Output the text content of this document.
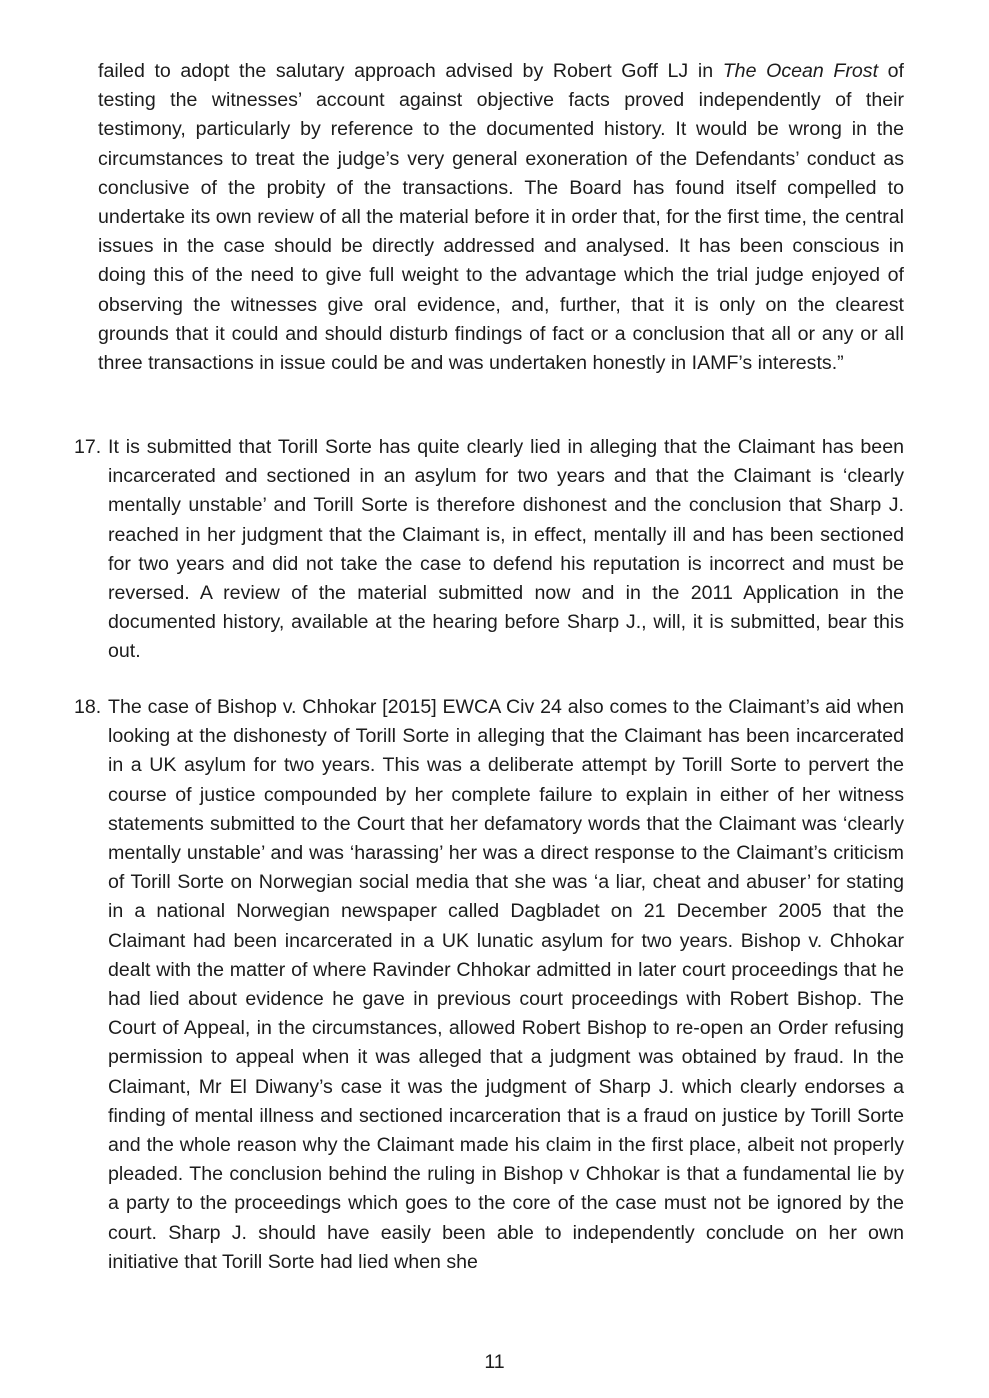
failed to adopt the salutary approach advised by Robert Goff LJ in The Ocean Frost of testing the witnesses’ account against objective facts proved independently of their testimony, particularly by reference to the documented history. It would be wrong in the circumstances to treat the judge’s very general exoneration of the Defendants’ conduct as conclusive of the probity of the transactions. The Board has found itself compelled to undertake its own review of all the material before it in order that, for the first time, the central issues in the case should be directly addressed and analysed. It has been conscious in doing this of the need to give full weight to the advantage which the trial judge enjoyed of observing the witnesses give oral evidence, and, further, that it is only on the clearest grounds that it could and should disturb findings of fact or a conclusion that all or any or all three transactions in issue could be and was undertaken honestly in IAMF’s interests.”

17. It is submitted that Torill Sorte has quite clearly lied in alleging that the Claimant has been incarcerated and sectioned in an asylum for two years and that the Claimant is ‘clearly mentally unstable’ and Torill Sorte is therefore dishonest and the conclusion that Sharp J. reached in her judgment that the Claimant is, in effect, mentally ill and has been sectioned for two years and did not take the case to defend his reputation is incorrect and must be reversed. A review of the material submitted now and in the 2011 Application in the documented history, available at the hearing before Sharp J., will, it is submitted, bear this out.
18. The case of Bishop v. Chhokar [2015] EWCA Civ 24 also comes to the Claimant’s aid when looking at the dishonesty of Torill Sorte in alleging that the Claimant has been incarcerated in a UK asylum for two years. This was a deliberate attempt by Torill Sorte to pervert the course of justice compounded by her complete failure to explain in either of her witness statements submitted to the Court that her defamatory words that the Claimant was ‘clearly mentally unstable’ and was ‘harassing’ her was a direct response to the Claimant’s criticism of Torill Sorte on Norwegian social media that she was ‘a liar, cheat and abuser’ for stating in a national Norwegian newspaper called Dagbladet on 21 December 2005 that the Claimant had been incarcerated in a UK lunatic asylum for two years. Bishop v. Chhokar dealt with the matter of where Ravinder Chhokar admitted in later court proceedings that he had lied about evidence he gave in previous court proceedings with Robert Bishop. The Court of Appeal, in the circumstances, allowed Robert Bishop to re-open an Order refusing permission to appeal when it was alleged that a judgment was obtained by fraud. In the Claimant, Mr El Diwany’s case it was the judgment of Sharp J. which clearly endorses a finding of mental illness and sectioned incarceration that is a fraud on justice by Torill Sorte and the whole reason why the Claimant made his claim in the first place, albeit not properly pleaded. The conclusion behind the ruling in Bishop v Chhokar is that a fundamental lie by a party to the proceedings which goes to the core of the case must not be ignored by the court. Sharp J. should have easily been able to independently conclude on her own initiative that Torill Sorte had lied when she
11
